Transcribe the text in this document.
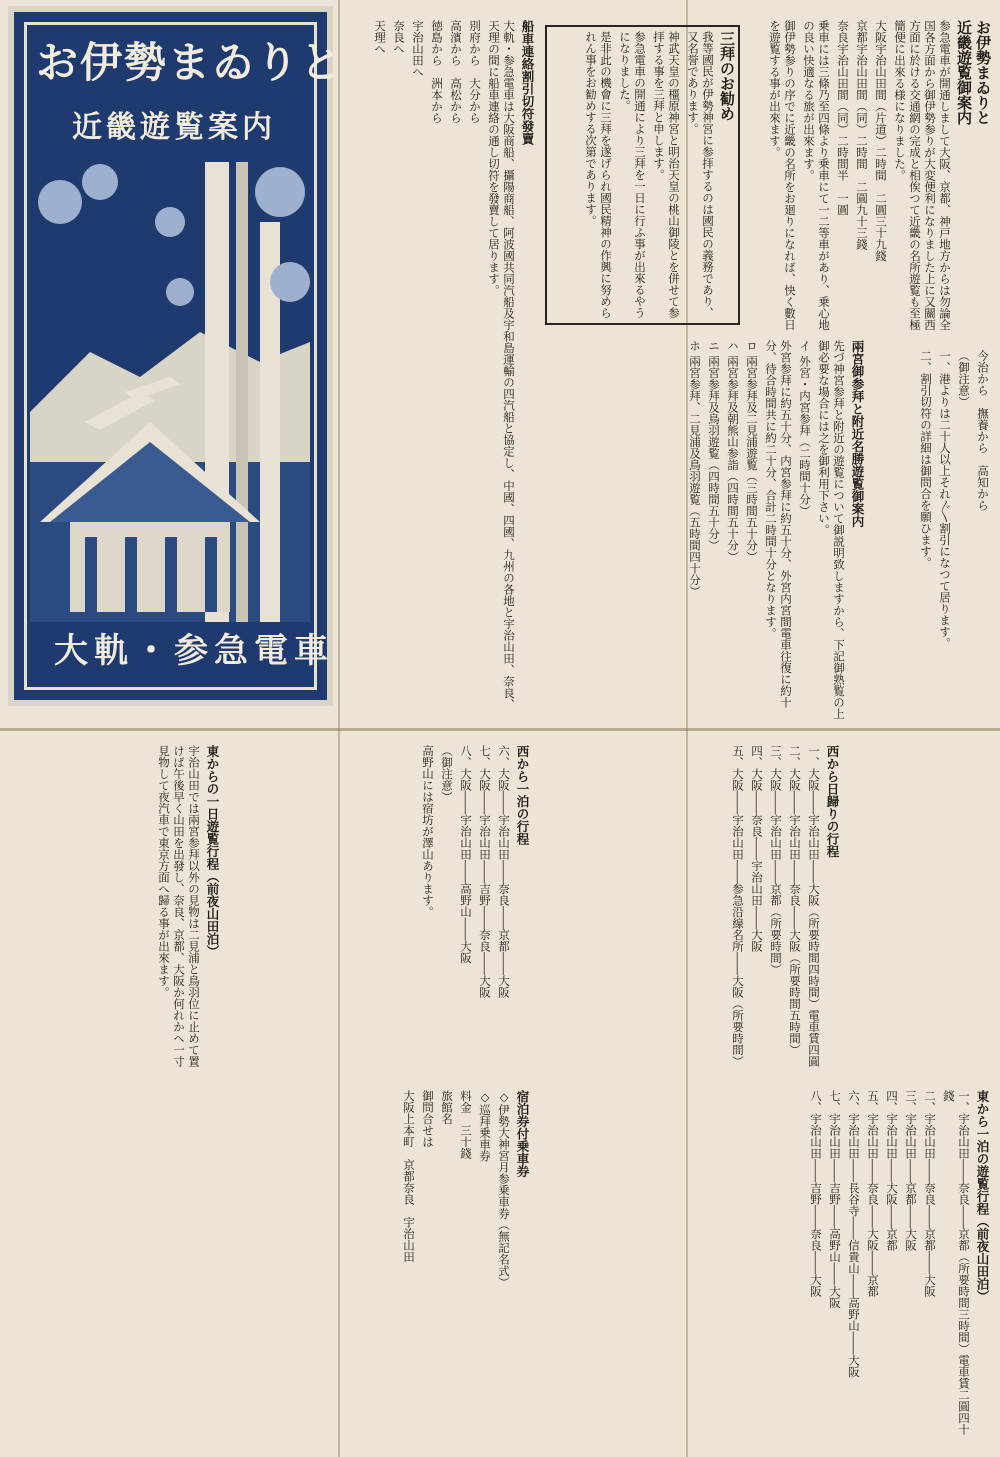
お伊勢まゐりと
近畿遊覧案内
大軌・参急電車

船車連絡割引切符發賣

大軌・参急電車は大阪商船、攝陽商船、阿波國共同汽船及宇和島運輸の四汽船と協定し、中國、四國、九州の各地と宇治山田、奈良、天理の間に船車連絡の通し切符を發賣して居ります。

別府から　大分から

高濱から　高松から

徳島から　洲本から

宇治山田へ

奈良へ

天理へ	三拜のお勧め

我等國民が伊勢神宮に参拝するのは國民の義務であり、又名誉であります。

神武天皇の橿原神宮と明治天皇の桃山御陵とを併せて参拝する事を三拜と申します。

参急電車の開通により三拜を一日に行ふ事が出來るやうになりました。

是非此の機會に三拜を遂げられ國民精神の作興に努められん事をお勧めする次第であります。

兩宮御参拜と附近名勝遊覧御案内

先づ神宮参拜と附近の遊覧について御説明致しますから、下記御熟覧の上御必要な場合には之を御利用下さい。

イ 外宮・内宮参拜（二時間十分）

外宮参拜に約五十分、内宮参拜に約五十分、外宮内宮間電車往復に約十分、待合時間共に約二十分、合計二時間十分となります。

ロ 兩宮参拜及二見浦遊覧（三時間五十分）

ハ 兩宮参拜及朝熊山参詣（四時間五十分）

ニ 兩宮参拜及鳥羽遊覧（四時間五十分）

ホ 兩宮参拜、二見浦及鳥羽遊覧（五時間四十分）

お伊勢まゐりと

近畿遊覧御案内

参急電車が開通しまして大阪、京都、神戸地方からは勿論全国各方面から御伊勢参りが大変便利になりました上に又關西方面に於ける交通網の完成と相俟つて近畿の名所遊覧も至極簡便に出來る様になりました。

大阪宇治山田間（片道）二時間　二圓三十九錢

京都宇治山田間（同）二時間　二圓九十三錢

奈良宇治山田間（同）二時間半　一圓

乗車には三條乃至四條より乗車にて一二等車があり、乗心地の良い快適なる旅が出來ます。

御伊勢参りの序でに近畿の名所をお廻りになれば、快く數日を遊覧する事が出來ます。

今治から　撫養から　高知から

（御注意）

一、港よりは二十人以上それ〴〵割引になつて居ります。

二、割引切符の詳細は御問合を願ひます。

東からの一日遊覧行程（前夜山田泊）

宇治山田では兩宮参拜以外の見物は二見浦と鳥羽位に止めて置けば午後早く山田を出發し、奈良、京都、大阪か何れかへ一寸見物して夜汽車で東京方面へ歸る事が出來ます。	西から一泊の行程

六、大阪――宇治山田――奈良――京都――大阪

七、大阪――宇治山田――吉野――奈良――大阪

八、大阪――宇治山田――高野山――大阪

（御注意）

高野山には宿坊が澤山あります。	西から日歸りの行程

一、大阪――宇治山田――大阪（所要時間四時間）電車賃四圓

二、大阪――宇治山田――奈良――大阪（所要時間五時間）

三、大阪――宇治山田――京都（所要時間）

四、大阪――奈良――宇治山田――大阪

五、大阪――宇治山田――参急沿線名所――大阪（所要時間）

東から一泊の遊覧行程（前夜山田泊）

一、宇治山田――奈良――京都（所要時間三時間）電車賃二圓四十錢

二、宇治山田――奈良――京都――大阪

三、宇治山田――京都――大阪

四、宇治山田――大阪――京都

五、宇治山田――奈良――大阪――京都

六、宇治山田――長谷寺――信貴山――高野山――大阪

七、宇治山田――吉野――高野山――大阪

八、宇治山田――吉野――奈良――大阪

宿泊券付乗車券

◇伊勢大神宮月参乗車券（無記名式）

◇巡拜乗車券

料金　三十錢

旅館名

御問合せは

大阪上本町　京都奈良　宇治山田
